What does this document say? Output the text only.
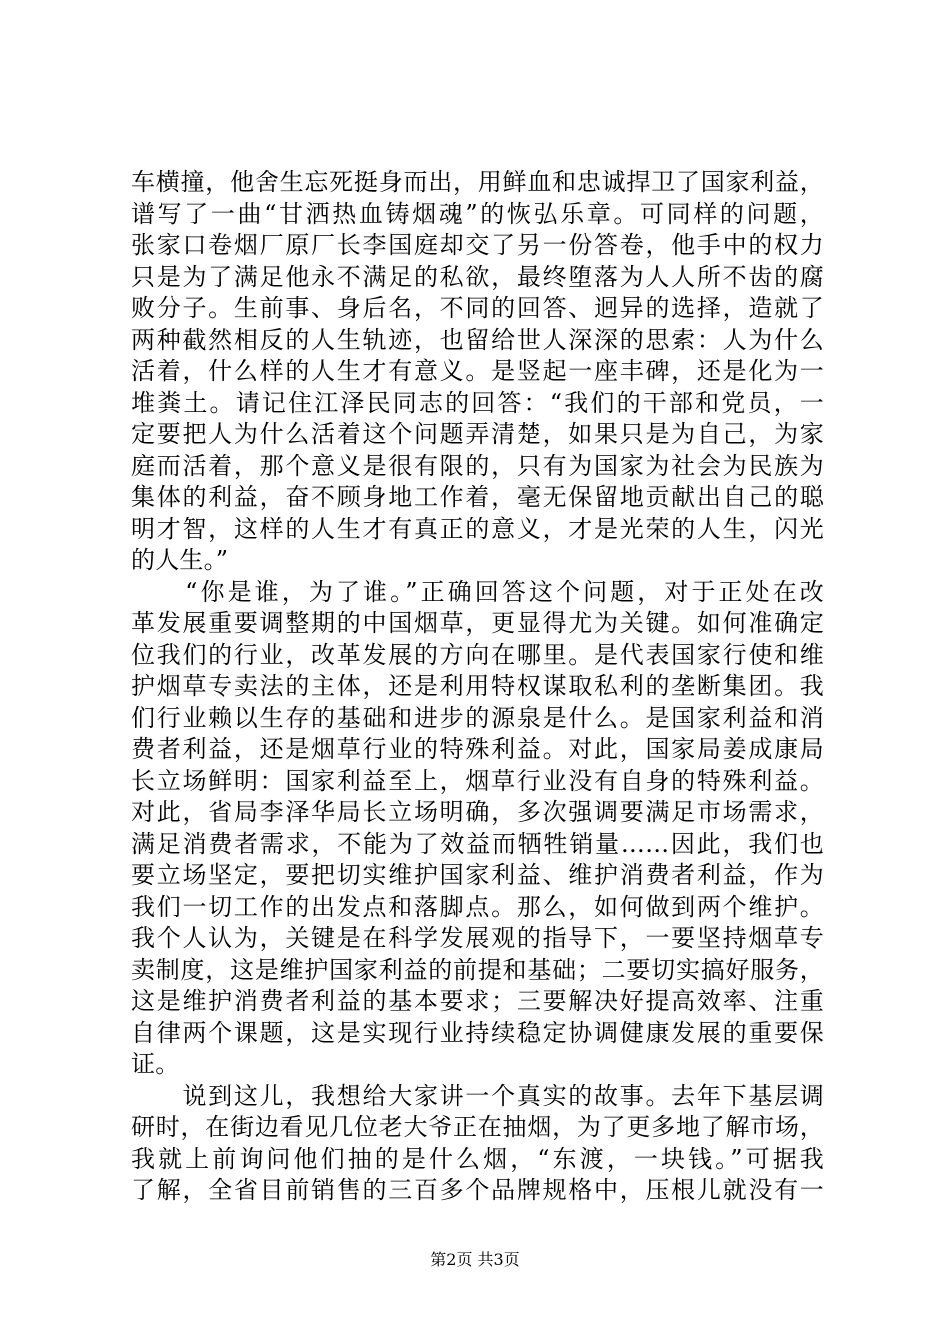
车横撞，他舍生忘死挺身而出，用鲜血和忠诚捍卫了国家利益，
谱写了一曲“甘洒热血铸烟魂”的恢弘乐章。可同样的问题，
张家口卷烟厂原厂长李国庭却交了另一份答卷，他手中的权力
只是为了满足他永不满足的私欲，最终堕落为人人所不齿的腐
败分子。生前事、身后名，不同的回答、迥异的选择，造就了
两种截然相反的人生轨迹，也留给世人深深的思索：人为什么
活着，什么样的人生才有意义。是竖起一座丰碑，还是化为一
堆粪土。请记住江泽民同志的回答：“我们的干部和党员，一
定要把人为什么活着这个问题弄清楚，如果只是为自己，为家
庭而活着，那个意义是很有限的，只有为国家为社会为民族为
集体的利益，奋不顾身地工作着，毫无保留地贡献出自己的聪
明才智，这样的人生才有真正的意义，才是光荣的人生，闪光
的人生。”
　　“你是谁，为了谁。”正确回答这个问题，对于正处在改
革发展重要调整期的中国烟草，更显得尤为关键。如何准确定
位我们的行业，改革发展的方向在哪里。是代表国家行使和维
护烟草专卖法的主体，还是利用特权谋取私利的垄断集团。我
们行业赖以生存的基础和进步的源泉是什么。是国家利益和消
费者利益，还是烟草行业的特殊利益。对此，国家局姜成康局
长立场鲜明：国家利益至上，烟草行业没有自身的特殊利益。
对此，省局李泽华局长立场明确，多次强调要满足市场需求，
满足消费者需求，不能为了效益而牺牲销量……因此，我们也
要立场坚定，要把切实维护国家利益、维护消费者利益，作为
我们一切工作的出发点和落脚点。那么，如何做到两个维护。
我个人认为，关键是在科学发展观的指导下，一要坚持烟草专
卖制度，这是维护国家利益的前提和基础；二要切实搞好服务，
这是维护消费者利益的基本要求；三要解决好提高效率、注重
自律两个课题，这是实现行业持续稳定协调健康发展的重要保
证。
　　说到这儿，我想给大家讲一个真实的故事。去年下基层调
研时，在街边看见几位老大爷正在抽烟，为了更多地了解市场，
我就上前询问他们抽的是什么烟，“东渡，一块钱。”可据我
了解，全省目前销售的三百多个品牌规格中，压根儿就没有一
第2页 共3页
